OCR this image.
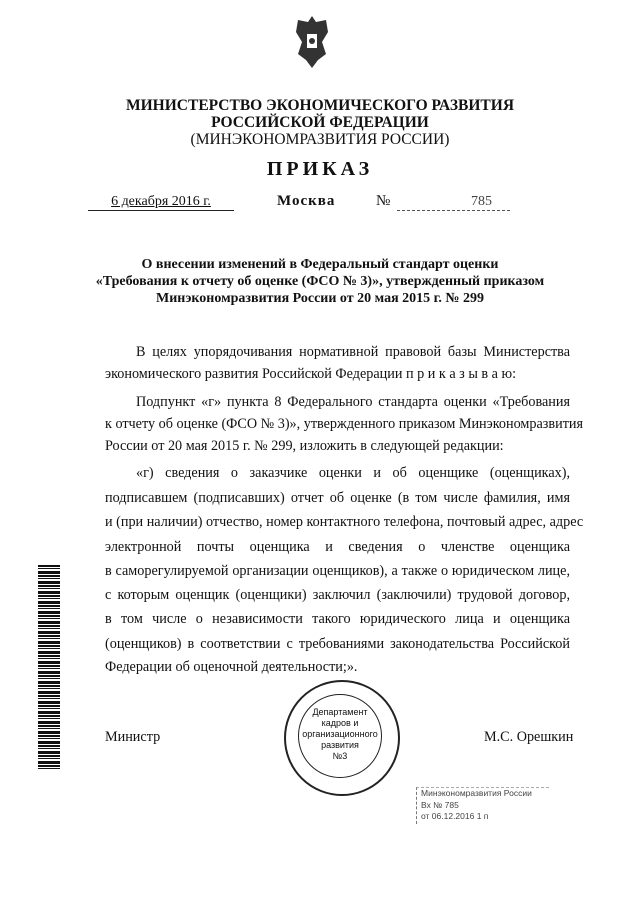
МИНИСТЕРСТВО ЭКОНОМИЧЕСКОГО РАЗВИТИЯ
РОССИЙСКОЙ ФЕДЕРАЦИИ
(МИНЭКОНОМРАЗВИТИЯ РОССИИ)
ПРИКАЗ
6 декабря 2016 г.	Москва	№	785
О внесении изменений в Федеральный стандарт оценки
«Требования к отчету об оценке (ФСО № 3)», утвержденный приказом
Минэкономразвития России от 20 мая 2015 г. № 299
В целях упорядочивания нормативной правовой базы Министерства
экономического развития Российской Федерации п р и к а з ы в а ю:
Подпункт «г» пункта 8 Федерального стандарта оценки «Требования
к отчету об оценке (ФСО № 3)», утвержденного приказом Минэкономразвития
России от 20 мая 2015 г. № 299, изложить в следующей редакции:
«г) сведения о заказчике оценки и об оценщике (оценщиках),
подписавшем (подписавших) отчет об оценке (в том числе фамилия, имя
и (при наличии) отчество, номер контактного телефона, почтовый адрес, адрес
электронной почты оценщика и сведения о членстве оценщика
в саморегулируемой организации оценщиков), а также о юридическом лице,
с которым оценщик (оценщики) заключил (заключили) трудовой договор,
в том числе о независимости такого юридического лица и оценщика
(оценщиков) в соответствии с требованиями законодательства Российской
Федерации об оценочной деятельности;».
Министр	М.С. Орешкин
Департамент
кадров и
организационного
развития
№3
Минэкономразвития России
Вх № 785
от 06.12.2016 1 п
